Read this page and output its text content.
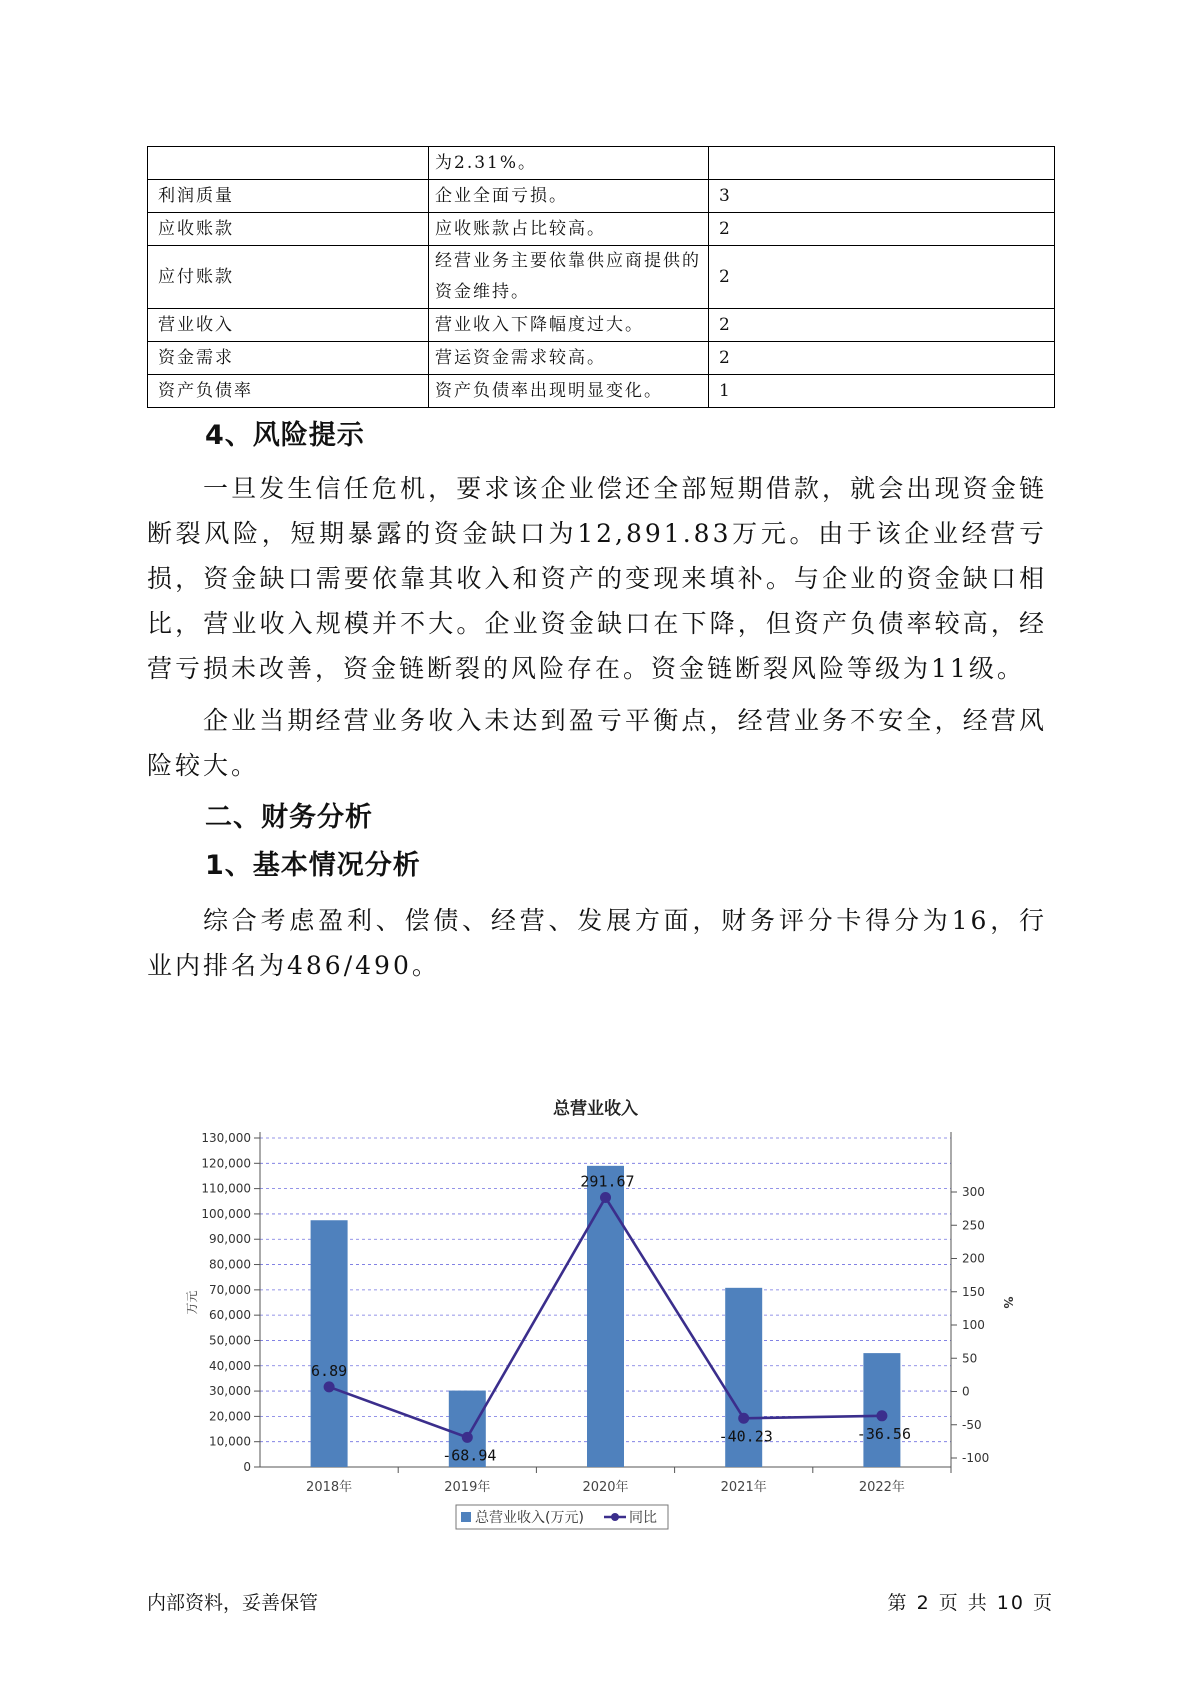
	为2.31%。	
利润质量	企业全面亏损。	3
应收账款	应收账款占比较高。	2
应付账款	经营业务主要依靠供应商提供的资金维持。	2
营业收入	营业收入下降幅度过大。	2
资金需求	营运资金需求较高。	2
资产负债率	资产负债率出现明显变化。	1
4、风险提示

一旦发生信任危机，要求该企业偿还全部短期借款，就会出现资金链断裂风险，短期暴露的资金缺口为12,891.83万元。由于该企业经营亏损，资金缺口需要依靠其收入和资产的变现来填补。与企业的资金缺口相比，营业收入规模并不大。企业资金缺口在下降，但资产负债率较高，经营亏损未改善，资金链断裂的风险存在。资金链断裂风险等级为11级。

企业当期经营业务收入未达到盈亏平衡点，经营业务不安全，经营风险较大。

二、财务分析
1、基本情况分析

综合考虑盈利、偿债、经营、发展方面，财务评分卡得分为16，行业内排名为486/490。

总营业收入
0
10,000
20,000
30,000
40,000
50,000
60,000
70,000
80,000
90,000
100,000
110,000
120,000
130,000
-100
-50
0
50
100
150
200
250
300
万元	%
2018年	2019年	2020年	2021年	2022年
6.89
-68.94
291.67
-40.23	-36.56
总营业收入(万元)	同比
内部资料，妥善保管	第 2 页 共 10 页
